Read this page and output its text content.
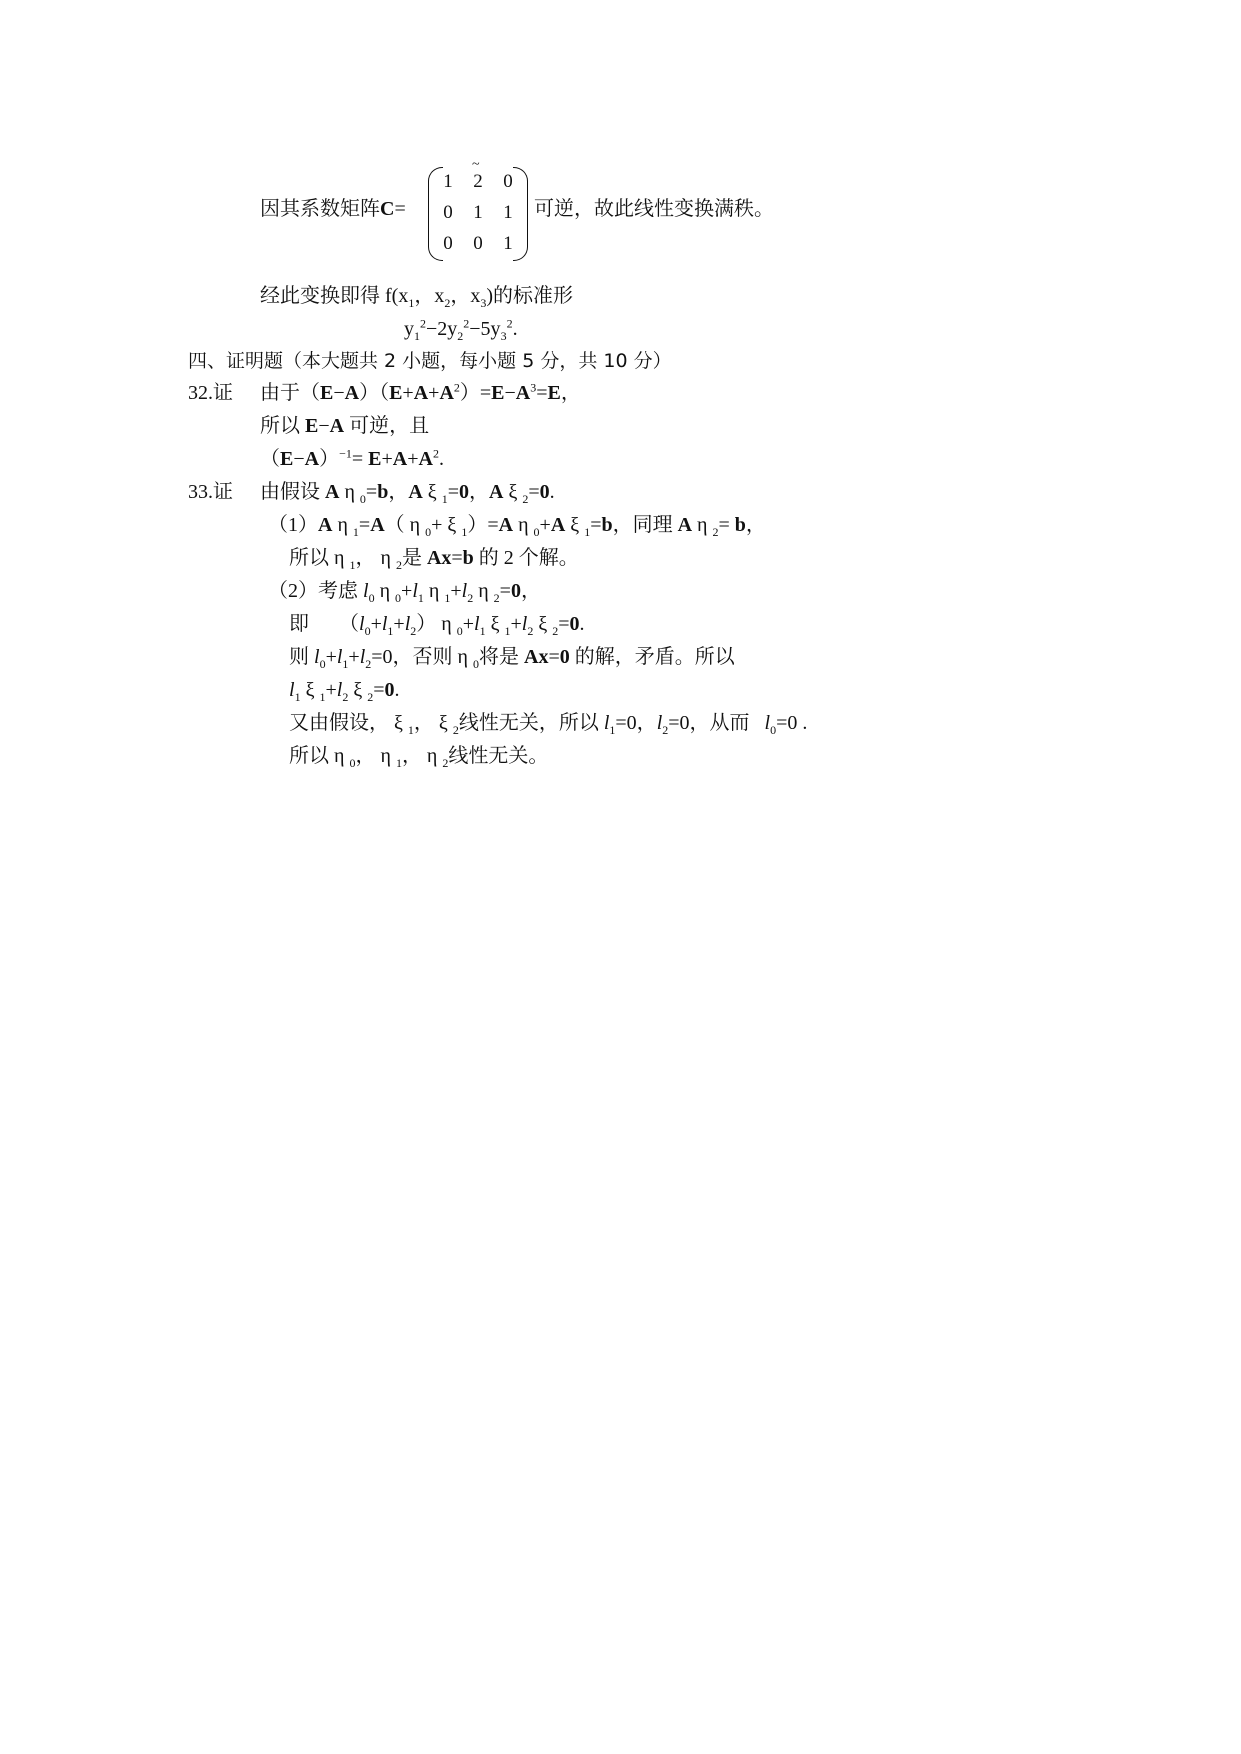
因其系数矩阵C=
~
1 2 0
0 1 1
0 0 1
可逆，故此线性变换满秩。
经此变换即得 $f(x_1$，$x_2$，$x_3$)的标准形
$y_1^2-2y_2^2-5y_3^2$.
四、证明题（本大题共 2 小题，每小题 5 分，共 10 分）
32.证 由于$(E-A)(E+A+A^2)=E-A^3=E$，
所以 E−A 可逆，且
$(E-A)^{-1}= E+A+A^2$.
33.证 由假设 A η $_0$=b，A ξ $_1$=0，A ξ $_2$=0.
（1）A η $_1$=A（ η $_0$+ ξ $_1$）=A η $_0$+A ξ $_1$=b，同理 A η $_2$= b，
所以 η $_1$， η $_2$是 Ax=b 的 2 个解。
（2）考虑 $l_0$ η $_0+l_1$ η $_1+l_2$ η $_2$=0，
即      $(l_0+l_1+l_2)$ η $_0+l_1$ ξ $_1+l_2$ ξ $_2$=0.
则 $l_0+l_1+l_2=0$，否则 η $_0$将是 Ax=0 的解，矛盾。所以
$l_1$ ξ $_1+l_2$ ξ $_2$=0.
又由假设， ξ $_1$， ξ $_2$线性无关，所以 $l_1=0$，$l_2=0$，从而 $l_0=0$ .
所以 η $_0$， η $_1$， η $_2$线性无关。
